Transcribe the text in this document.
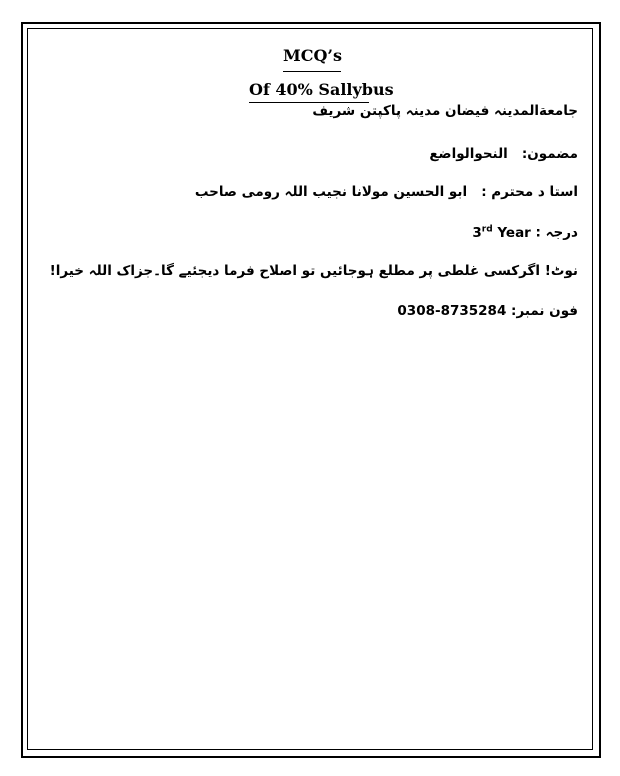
MCQ’s
Of 40% Sallybus
جامعةالمدینہ فیضان مدینہ پاکپتن شریف
مضمون:   النحوالواضع
استا د محترم :   ابو الحسین مولانا نجیب اللہ رومی صاحب
درجہ : 3rd Year
نوٹ! اگرکسی غلطی پر مطلع ہوجائیں تو اصلاح فرما دیجئیے گا۔جزاک اللہ خیرا!
فون نمبر: 0308-8735284
